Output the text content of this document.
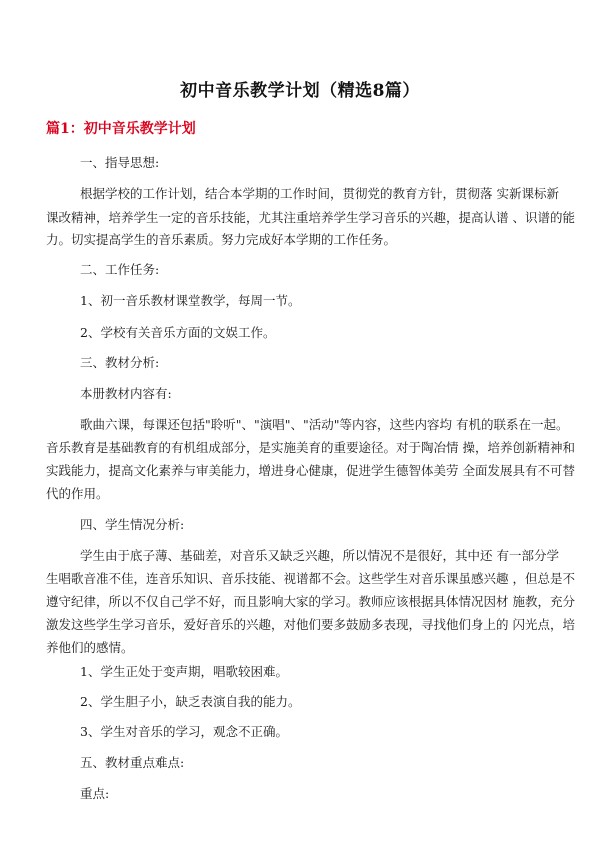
初中音乐教学计划（精选8篇）
篇1：初中音乐教学计划
一、指导思想:
根据学校的工作计划，结合本学期的工作时间，贯彻党的教育方针，贯彻落 实新课标新
课改精神，培养学生一定的音乐技能，尤其注重培养学生学习音乐的兴趣，提高认谱 、识谱的能
力。切实提高学生的音乐素质。努力完成好本学期的工作任务。
二、工作任务:
1、初一音乐教材课堂教学，每周一节。
2、学校有关音乐方面的文娱工作。
三、教材分析:
本册教材内容有:
歌曲六课，每课还包括"聆听"、"演唱"、"活动"等内容，这些内容均 有机的联系在一起。
音乐教育是基础教育的有机组成部分，是实施美育的重要途径。对于陶冶情 操，培养创新精神和
实践能力，提高文化素养与审美能力，增进身心健康，促进学生德智体美劳 全面发展具有不可替
代的作用。
四、学生情况分析:
学生由于底子薄、基础差，对音乐又缺乏兴趣，所以情况不是很好，其中还 有一部分学
生唱歌音准不佳，连音乐知识、音乐技能、视谱都不会。这些学生对音乐课虽感兴趣 ，但总是不
遵守纪律，所以不仅自己学不好，而且影响大家的学习。教师应该根据具体情况因材 施教，充分
激发这些学生学习音乐，爱好音乐的兴趣，对他们要多鼓励多表现，寻找他们身上的 闪光点，培
养他们的感情。
1、学生正处于变声期，唱歌较困难。
2、学生胆子小，缺乏表演自我的能力。
3、学生对音乐的学习，观念不正确。
五、教材重点难点:
重点:
